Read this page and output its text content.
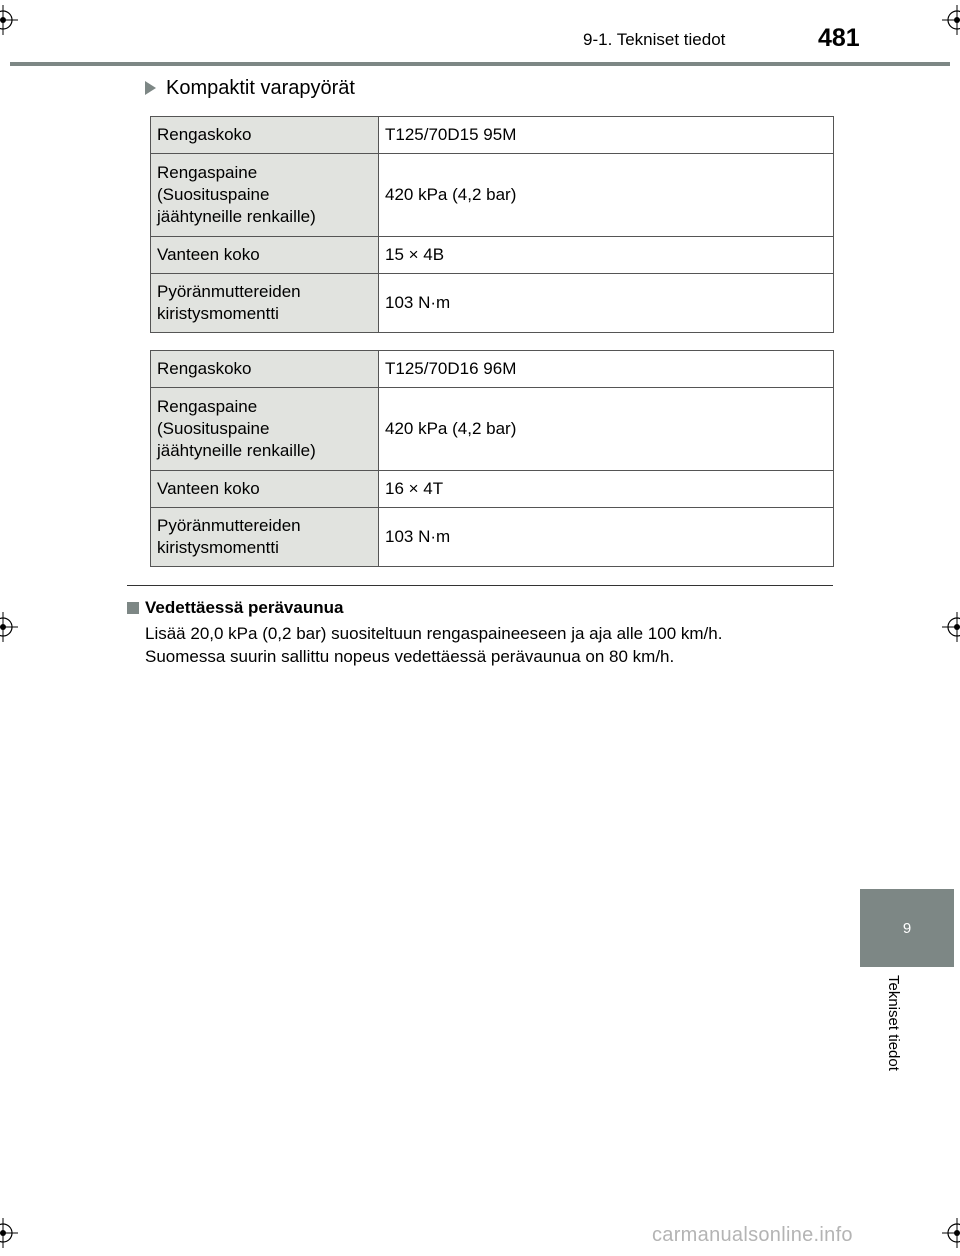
9-1. Tekniset tiedot	481
Kompaktit varapyörät
Rengaskoko	T125/70D15 95M
Rengaspaine
(Suosituspaine
jäähtyneille renkaille)	420 kPa (4,2 bar)
Vanteen koko	15 × 4B
Pyöränmuttereiden
kiristysmomentti	103 N·m
Rengaskoko	T125/70D16 96M
Rengaspaine
(Suosituspaine
jäähtyneille renkaille)	420 kPa (4,2 bar)
Vanteen koko	16 × 4T
Pyöränmuttereiden
kiristysmomentti	103 N·m
Vedettäessä perävaunua
Lisää 20,0 kPa (0,2 bar) suositeltuun rengaspaineeseen ja aja alle 100 km/h.
Suomessa suurin sallittu nopeus vedettäessä perävaunua on 80 km/h.
9
Tekniset tiedot
carmanualsonline.info
